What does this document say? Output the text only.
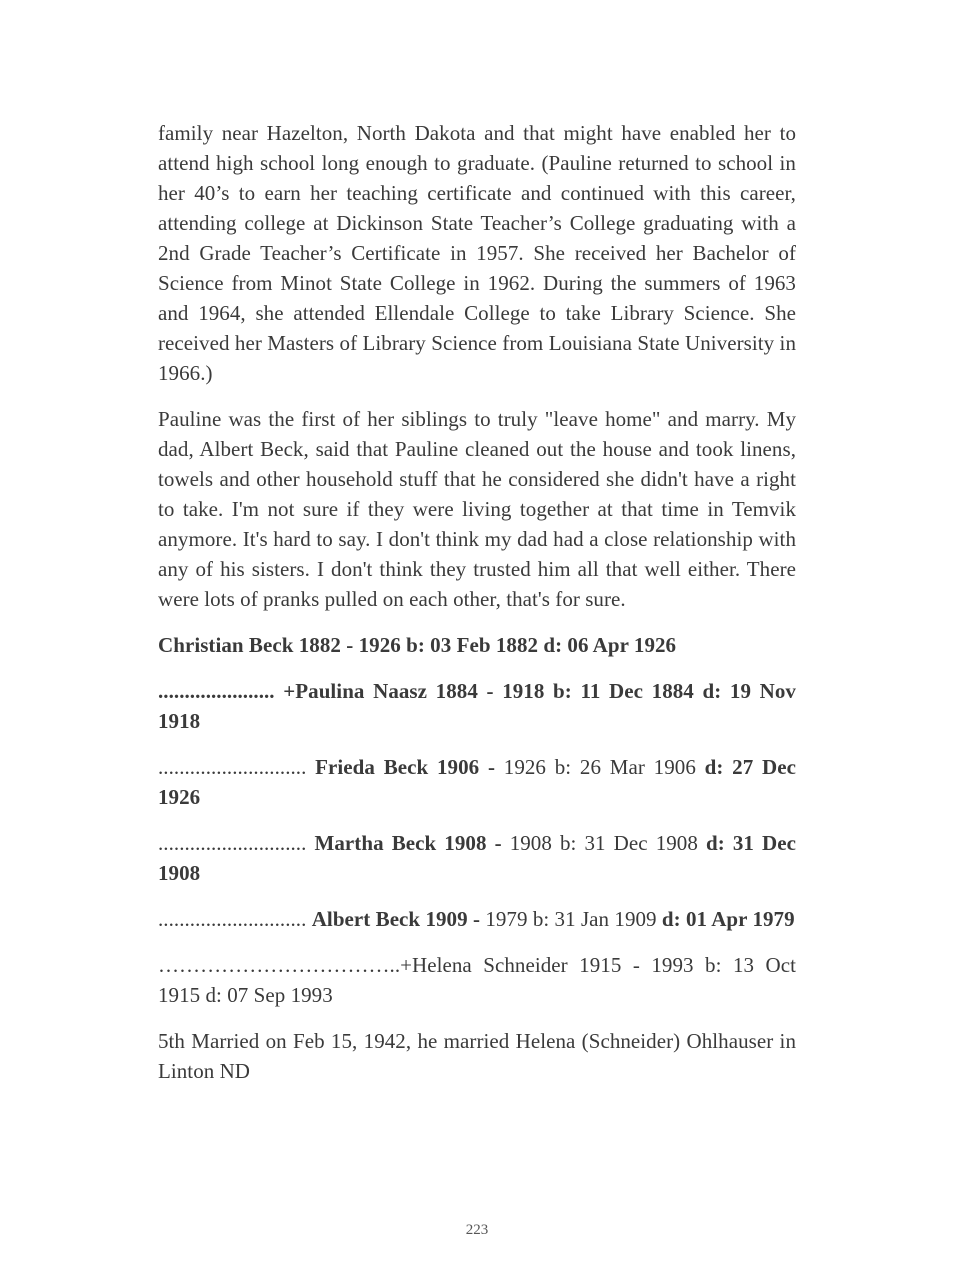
family near Hazelton, North Dakota and that might have enabled her to attend high school long enough to graduate. (Pauline returned to school in her 40’s to earn her teaching certificate and continued with this career, attending college at Dickinson State Teacher’s College graduating with a 2nd Grade Teacher’s Certificate in 1957. She received her Bachelor of Science from Minot State College in 1962. During the summers of 1963 and 1964, she attended Ellendale College to take Library Science. She received her Masters of Library Science from Louisiana State University in 1966.)

Pauline was the first of her siblings to truly "leave home" and marry. My dad, Albert Beck, said that Pauline cleaned out the house and took linens, towels and other household stuff that he considered she didn't have a right to take. I'm not sure if they were living together at that time in Temvik anymore. It's hard to say. I don't think my dad had a close relationship with any of his sisters. I don't think they trusted him all that well either. There were lots of pranks pulled on each other, that's for sure.

Christian Beck 1882 - 1926 b: 03 Feb 1882 d: 06 Apr 1926

...................... +Paulina Naasz 1884 - 1918 b: 11 Dec 1884 d: 19 Nov 1918

............................ Frieda Beck 1906 - 1926 b: 26 Mar 1906 d: 27 Dec 1926

............................ Martha Beck 1908 - 1908 b: 31 Dec 1908 d: 31 Dec 1908

............................ Albert Beck 1909 - 1979 b: 31 Jan 1909 d: 01 Apr 1979

……………………………..+Helena Schneider 1915 - 1993 b: 13 Oct 1915 d: 07 Sep 1993

5th Married on Feb 15, 1942, he married Helena (Schneider) Ohlhauser in Linton ND

223
